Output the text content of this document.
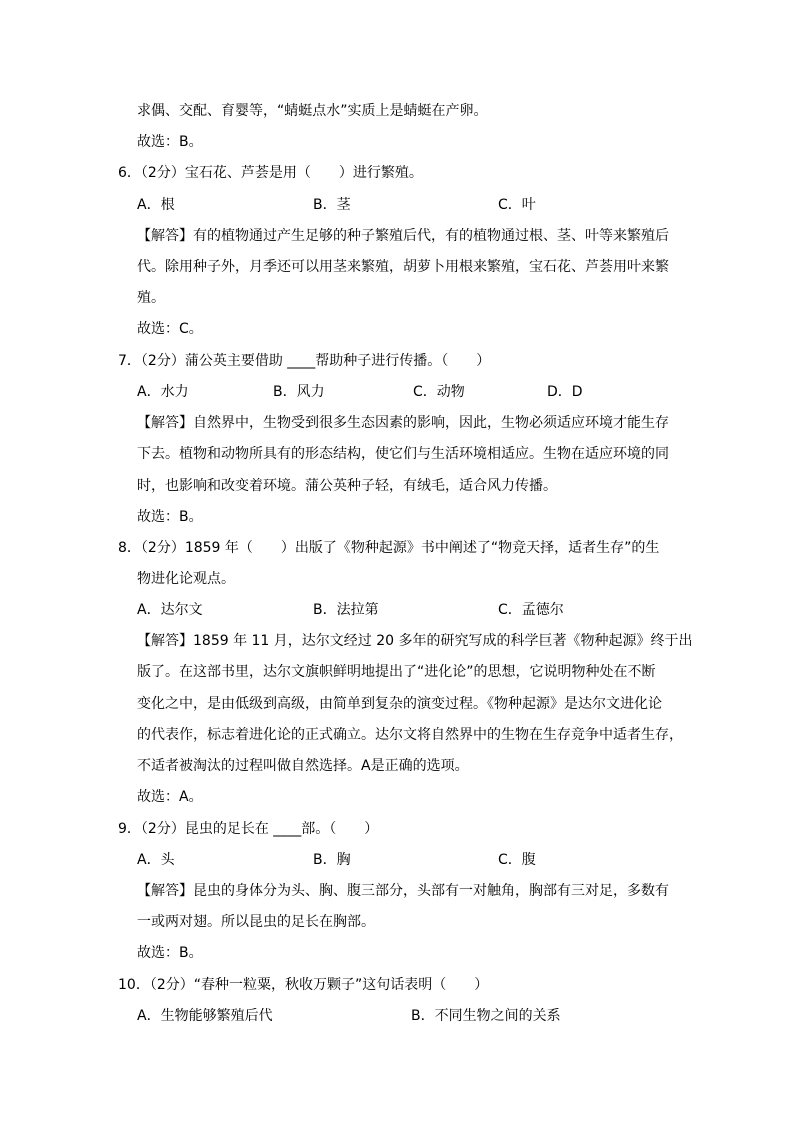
求偶、交配、育婴等，“蜻蜓点水”实质上是蜻蜓在产卵。
故选：B。
6．（2分）宝石花、芦荟是用（　　）进行繁殖。
A．根	B．茎	C．叶
【解答】有的植物通过产生足够的种子繁殖后代，有的植物通过根、茎、叶等来繁殖后
代。除用种子外，月季还可以用茎来繁殖，胡萝卜用根来繁殖，宝石花、芦荟用叶来繁
殖。
故选：C。
7．（2分）蒲公英主要借助 ____帮助种子进行传播。（　　）
A．水力	B．风力	C．动物	D．D
【解答】自然界中，生物受到很多生态因素的影响，因此，生物必须适应环境才能生存
下去。植物和动物所具有的形态结构，使它们与生活环境相适应。生物在适应环境的同
时，也影响和改变着环境。蒲公英种子轻，有绒毛，适合风力传播。
故选：B。
8．（2分）1859 年（　　）出版了《物种起源》书中阐述了“物竞天择，适者生存”的生
物进化论观点。
A．达尔文	B．法拉第	C．孟德尔
【解答】1859 年 11 月，达尔文经过 20 多年的研究写成的科学巨著《物种起源》终于出
版了。在这部书里，达尔文旗帜鲜明地提出了“进化论”的思想，它说明物种处在不断
变化之中，是由低级到高级，由简单到复杂的演变过程。《物种起源》是达尔文进化论
的代表作，标志着进化论的正式确立。达尔文将自然界中的生物在生存竞争中适者生存，
不适者被淘汰的过程叫做自然选择。A是正确的选项。
故选：A。
9．（2分）昆虫的足长在 ____部。（　　）
A．头	B．胸	C．腹
【解答】昆虫的身体分为头、胸、腹三部分，头部有一对触角，胸部有三对足，多数有
一或两对翅。所以昆虫的足长在胸部。
故选：B。
10．（2分）“春种一粒粟，秋收万颗子”这句话表明（　　）
A．生物能够繁殖后代	B．不同生物之间的关系
